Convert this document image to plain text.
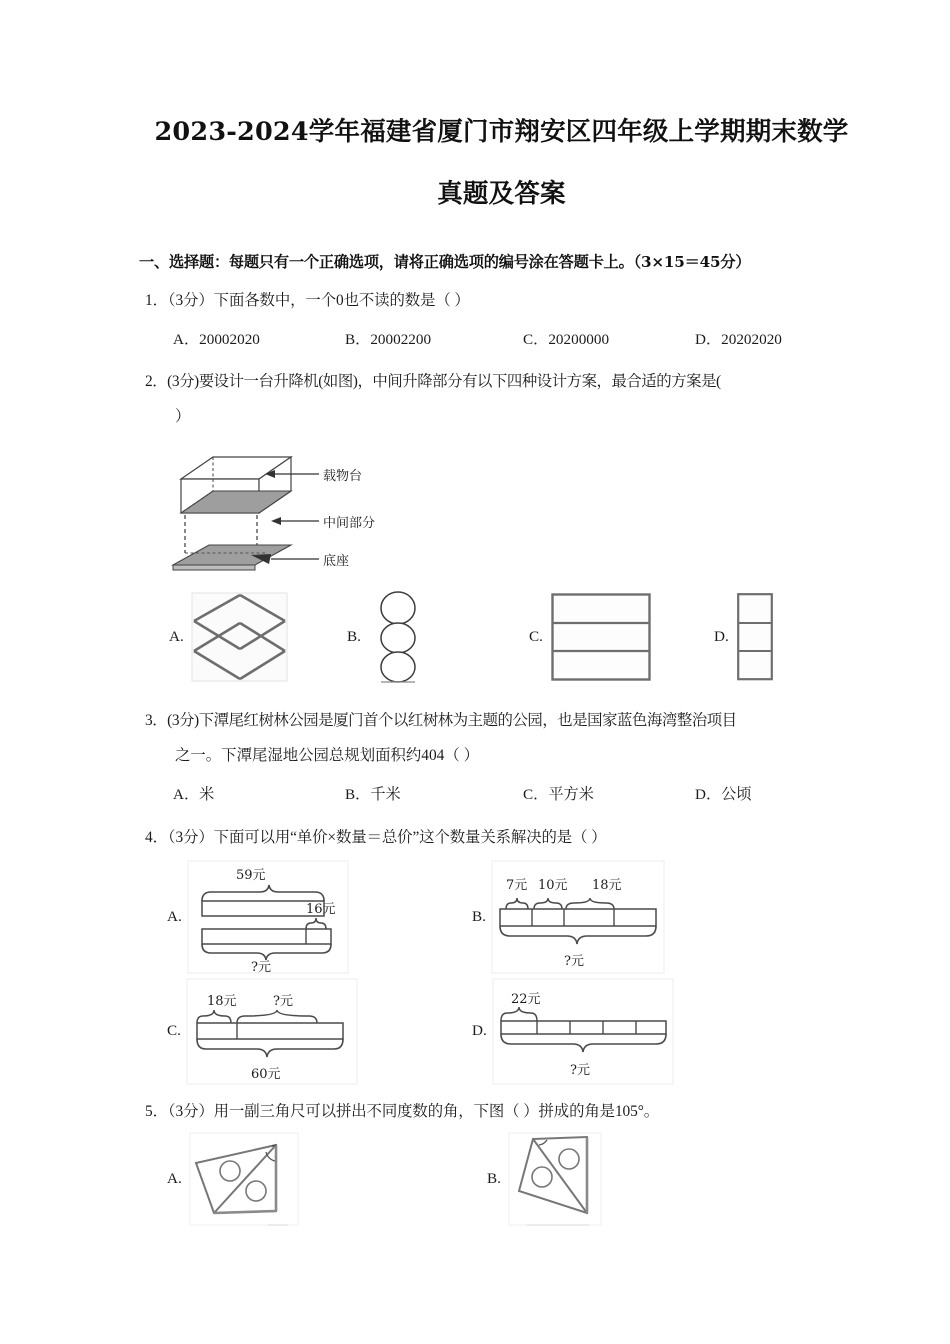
2023-2024学年福建省厦门市翔安区四年级上学期期末数学
真题及答案
一、选择题：每题只有一个正确选项，请将正确选项的编号涂在答题卡上。（3×15＝45分）
1．（3分）下面各数中，一个0也不读的数是（ ）
A．20002020	B．20002200	C．20200000	D．20202020
2．(3分)要设计一台升降机(如图)，中间升降部分有以下四种设计方案，最合适的方案是(
）
载物台
中间部分
底座
A.	B.	C.	D.
3．(3分)下潭尾红树林公园是厦门首个以红树林为主题的公园，也是国家蓝色海湾整治项目
之一。下潭尾湿地公园总规划面积约404（ ）
A．米	B．千米	C．平方米	D．公顷
4．（3分）下面可以用“单价×数量＝总价”这个数量关系解决的是（ ）
A.
59元
16元
?元
B.
7元 10元 18元
?元
C.
18元	?元
60元
D.
22元
?元
5．（3分）用一副三角尺可以拼出不同度数的角，下图（ ）拼成的角是105°。
A.	B.
